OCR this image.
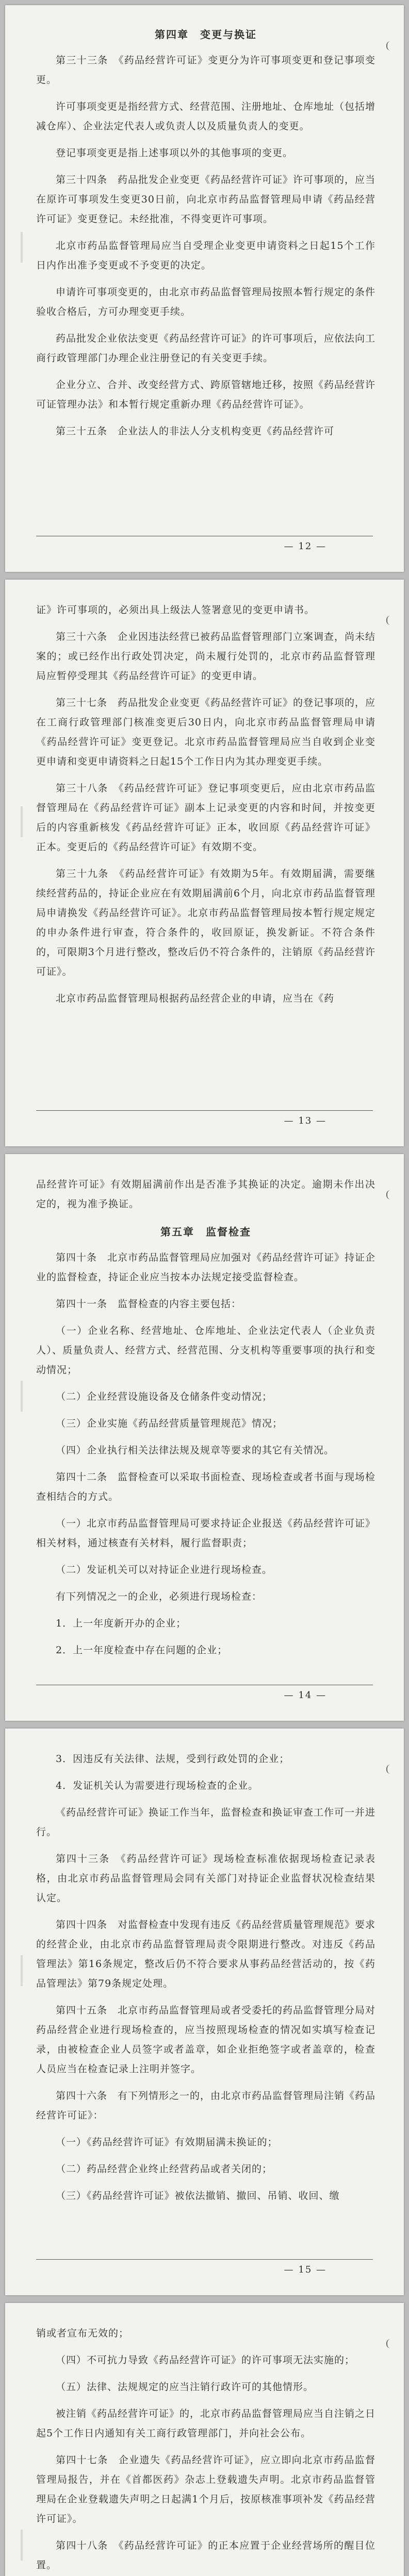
第四章　变更与换证

第三十三条　《药品经营许可证》变更分为许可事项变更和登记事项变更。

许可事项变更是指经营方式、经营范围、注册地址、仓库地址（包括增减仓库）、企业法定代表人或负责人以及质量负责人的变更。

登记事项变更是指上述事项以外的其他事项的变更。

第三十四条　药品批发企业变更《药品经营许可证》许可事项的，应当在原许可事项发生变更30日前，向北京市药品监督管理局申请《药品经营许可证》变更登记。未经批准，不得变更许可事项。

北京市药品监督管理局应当自受理企业变更申请资料之日起15个工作日内作出准予变更或不予变更的决定。

申请许可事项变更的，由北京市药品监督管理局按照本暂行规定的条件验收合格后，方可办理变更手续。

药品批发企业依法变更《药品经营许可证》的许可事项后，应依法向工商行政管理部门办理企业注册登记的有关变更手续。

企业分立、合并、改变经营方式、跨原管辖地迁移，按照《药品经营许可证管理办法》和本暂行规定重新办理《药品经营许可证》。

第三十五条　企业法人的非法人分支机构变更《药品经营许可

— 12 —

证》许可事项的，必须出具上级法人签署意见的变更申请书。

第三十六条　企业因违法经营已被药品监督管理部门立案调查，尚未结案的；或已经作出行政处罚决定，尚未履行处罚的，北京市药品监督管理局应暂停受理其《药品经营许可证》的变更申请。

第三十七条　药品批发企业变更《药品经营许可证》的登记事项的，应在工商行政管理部门核准变更后30日内，向北京市药品监督管理局申请《药品经营许可证》变更登记。北京市药品监督管理局应当自收到企业变更申请和变更申请资料之日起15个工作日内为其办理变更手续。

第三十八条　《药品经营许可证》登记事项变更后，应由北京市药品监督管理局在《药品经营许可证》副本上记录变更的内容和时间，并按变更后的内容重新核发《药品经营许可证》正本，收回原《药品经营许可证》正本。变更后的《药品经营许可证》有效期不变。

第三十九条　《药品经营许可证》有效期为5年。有效期届满，需要继续经营药品的，持证企业应在有效期届满前6个月，向北京市药品监督管理局申请换发《药品经营许可证》。北京市药品监督管理局按本暂行规定规定的申办条件进行审查，符合条件的，收回原证，换发新证。不符合条件的，可限期3个月进行整改，整改后仍不符合条件的，注销原《药品经营许可证》。

北京市药品监督管理局根据药品经营企业的申请，应当在《药

— 13 —

品经营许可证》有效期届满前作出是否准予其换证的决定。逾期未作出决定的，视为准予换证。

第五章　监督检查

第四十条　北京市药品监督管理局应加强对《药品经营许可证》持证企业的监督检查，持证企业应当按本办法规定接受监督检查。

第四十一条　监督检查的内容主要包括：

（一）企业名称、经营地址、仓库地址、企业法定代表人（企业负责人）、质量负责人、经营方式、经营范围、分支机构等重要事项的执行和变动情况；

（二）企业经营设施设备及仓储条件变动情况；

（三）企业实施《药品经营质量管理规范》情况；

（四）企业执行相关法律法规及规章等要求的其它有关情况。

第四十二条　监督检查可以采取书面检查、现场检查或者书面与现场检查相结合的方式。

（一）北京市药品监督管理局可要求持证企业报送《药品经营许可证》相关材料，通过核查有关材料，履行监督职责；

（二）发证机关可以对持证企业进行现场检查。

有下列情况之一的企业，必须进行现场检查：

1．上一年度新开办的企业；

2．上一年度检查中存在问题的企业；

— 14 —

3．因违反有关法律、法规，受到行政处罚的企业；

4．发证机关认为需要进行现场检查的企业。

《药品经营许可证》换证工作当年，监督检查和换证审查工作可一并进行。

第四十三条　《药品经营许可证》现场检查标准依据现场检查记录表格，由北京市药品监督管理局会同有关部门对持证企业监督状况检查结果认定。

第四十四条　对监督检查中发现有违反《药品经营质量管理规范》要求的经营企业，由北京市药品监督管理局责令限期进行整改。对违反《药品管理法》第16条规定，整改后仍不符合要求从事药品经营活动的，按《药品管理法》第79条规定处理。

第四十五条　北京市药品监督管理局或者受委托的药品监督管理分局对药品经营企业进行现场检查的，应当按照现场检查的情况如实填写检查记录，由被检查企业人员签字或者盖章，如企业拒绝签字或者盖章的，检查人员应当在检查记录上注明并签字。

第四十六条　有下列情形之一的，由北京市药品监督管理局注销《药品经营许可证》：

（一）《药品经营许可证》有效期届满未换证的；

（二）药品经营企业终止经营药品或者关闭的；

（三）《药品经营许可证》被依法撤销、撤回、吊销、收回、缴

— 15 —

销或者宣布无效的；

（四）不可抗力导致《药品经营许可证》的许可事项无法实施的；

（五）法律、法规规定的应当注销行政许可的其他情形。

被注销《药品经营许可证》的，北京市药品监督管理局应当自注销之日起5个工作日内通知有关工商行政管理部门，并向社会公布。

第四十七条　企业遗失《药品经营许可证》，应立即向北京市药品监督管理局报告，并在《首都医药》杂志上登载遗失声明。北京市药品监督管理局在企业登载遗失声明之日起满1个月后，按原核准事项补发《药品经营许可证》。

第四十八条　《药品经营许可证》的正本应置于企业经营场所的醒目位置。
